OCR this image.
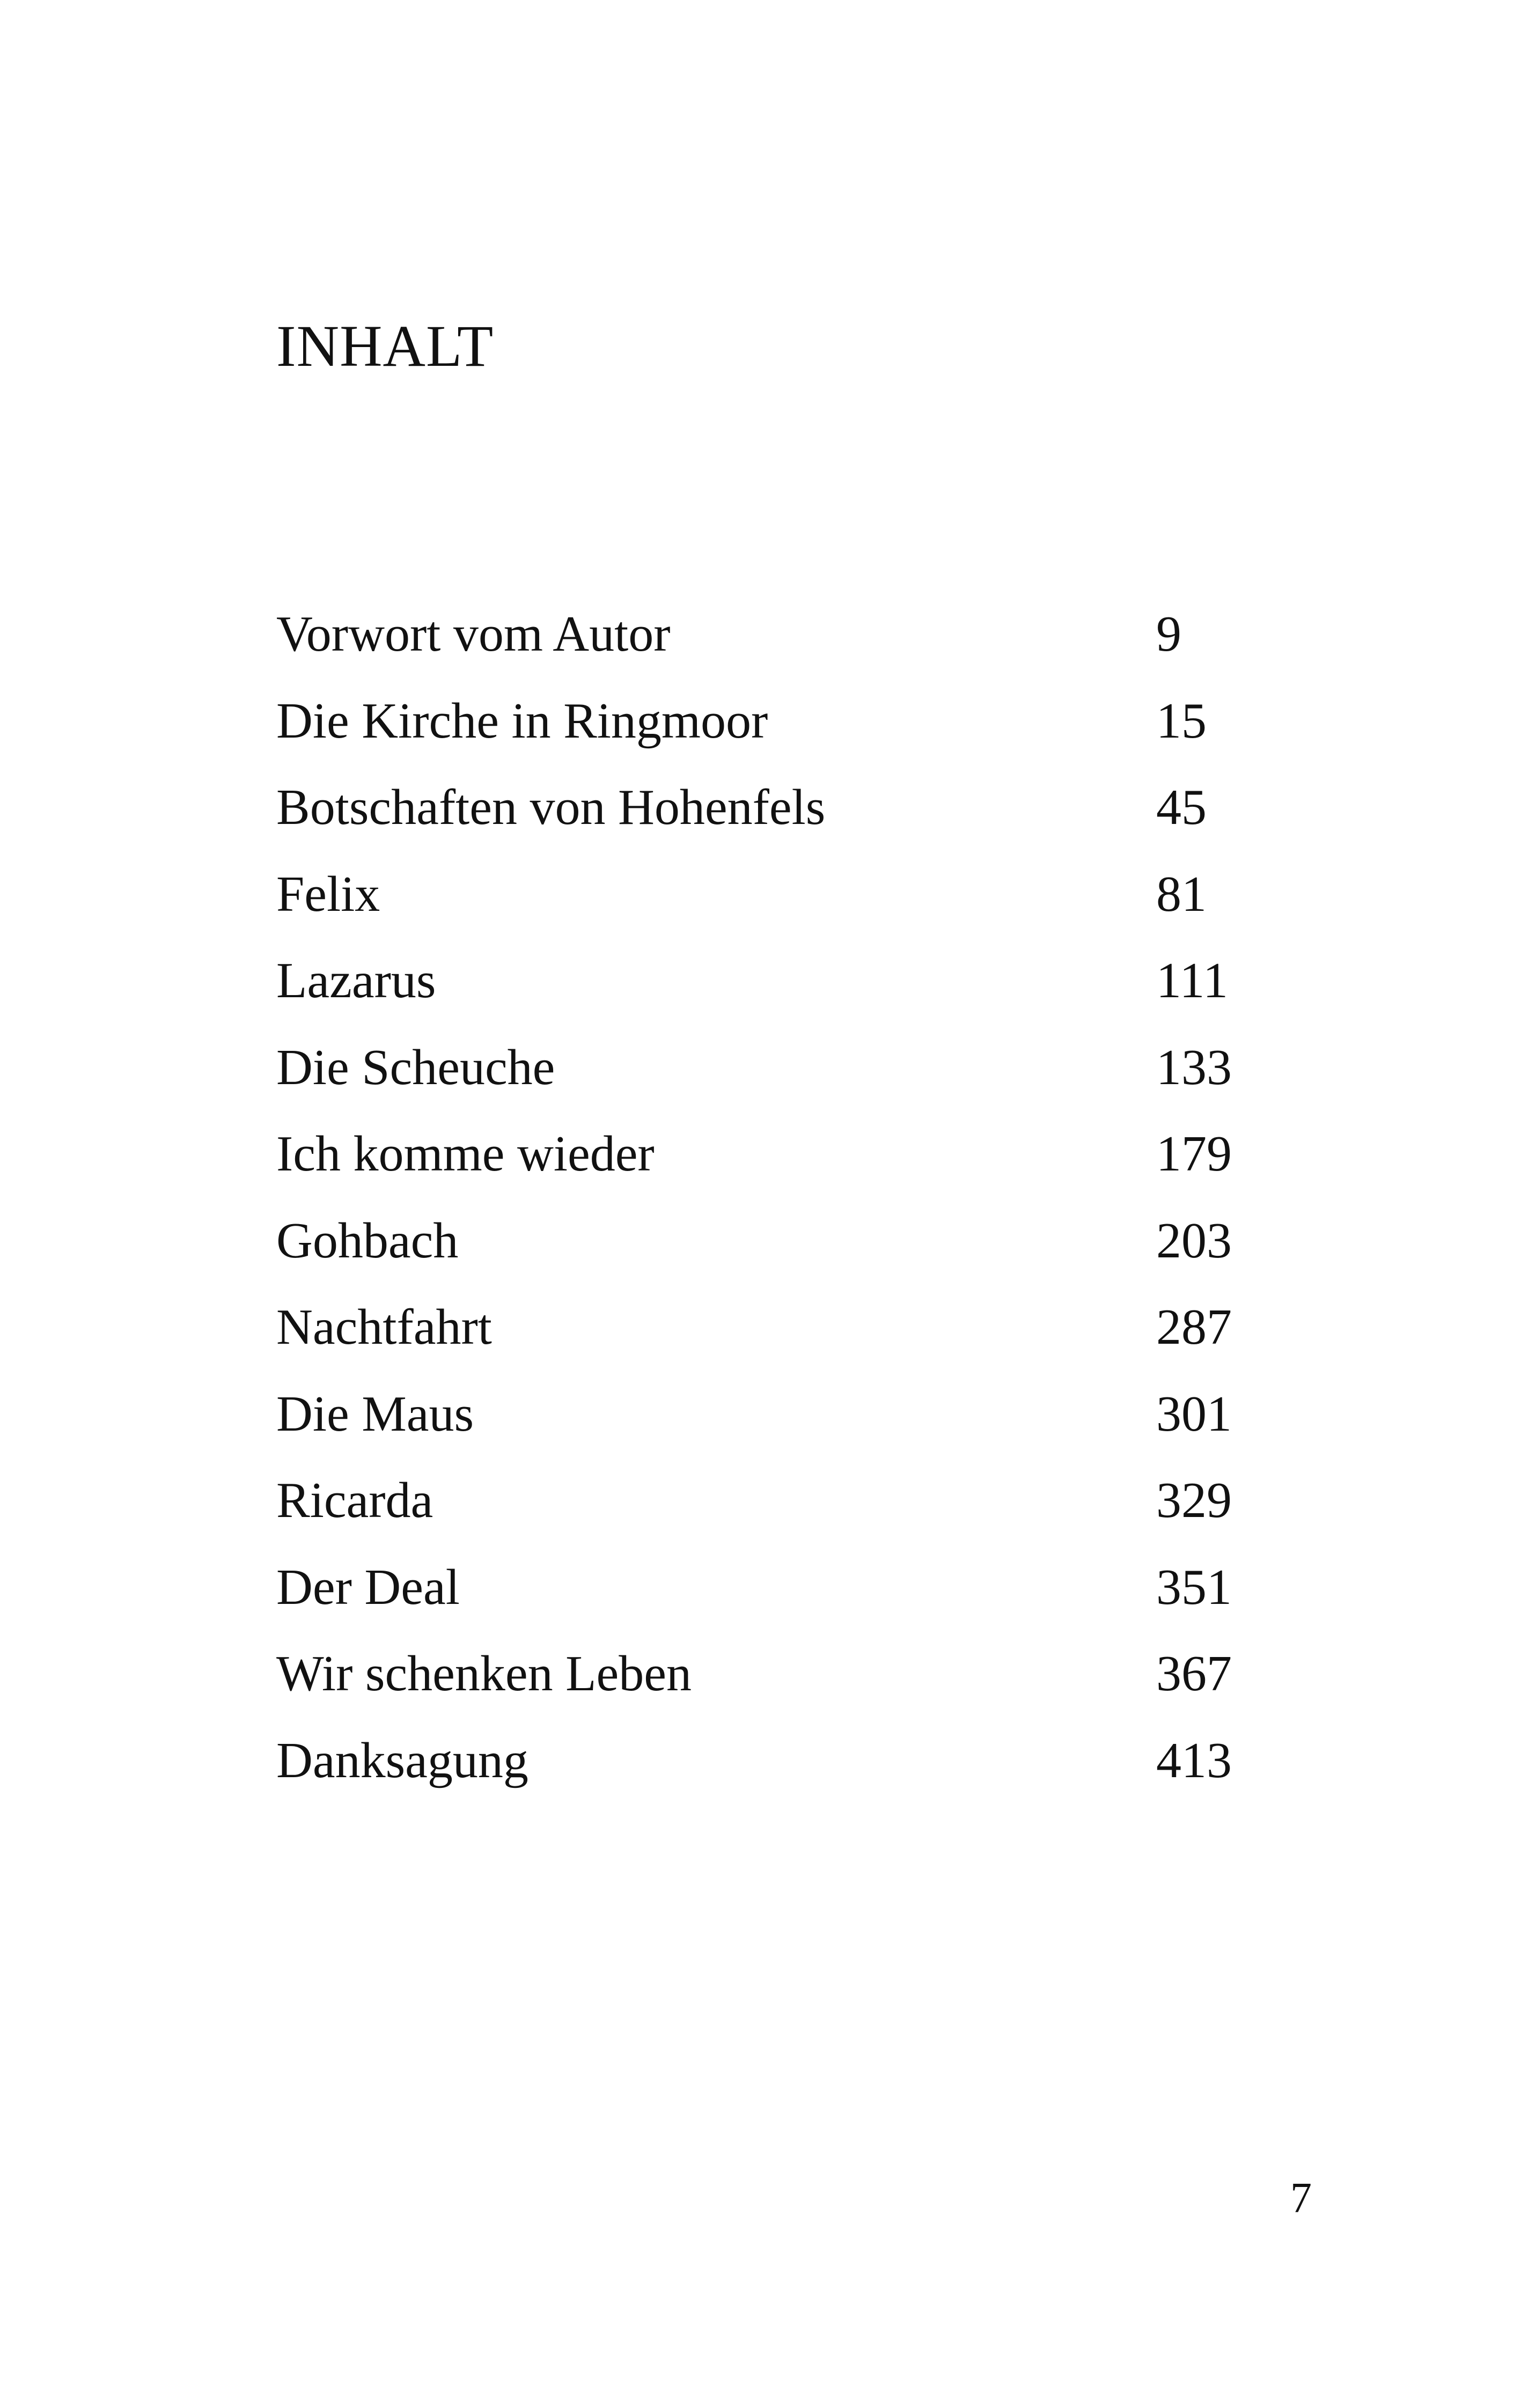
INHALT
Vorwort vom Autor	9
Die Kirche in Ringmoor	15
Botschaften von Hohenfels	45
Felix	81
Lazarus	111
Die Scheuche	133
Ich komme wieder	179
Gohbach	203
Nachtfahrt	287
Die Maus	301
Ricarda	329
Der Deal	351
Wir schenken Leben	367
Danksagung	413
7
